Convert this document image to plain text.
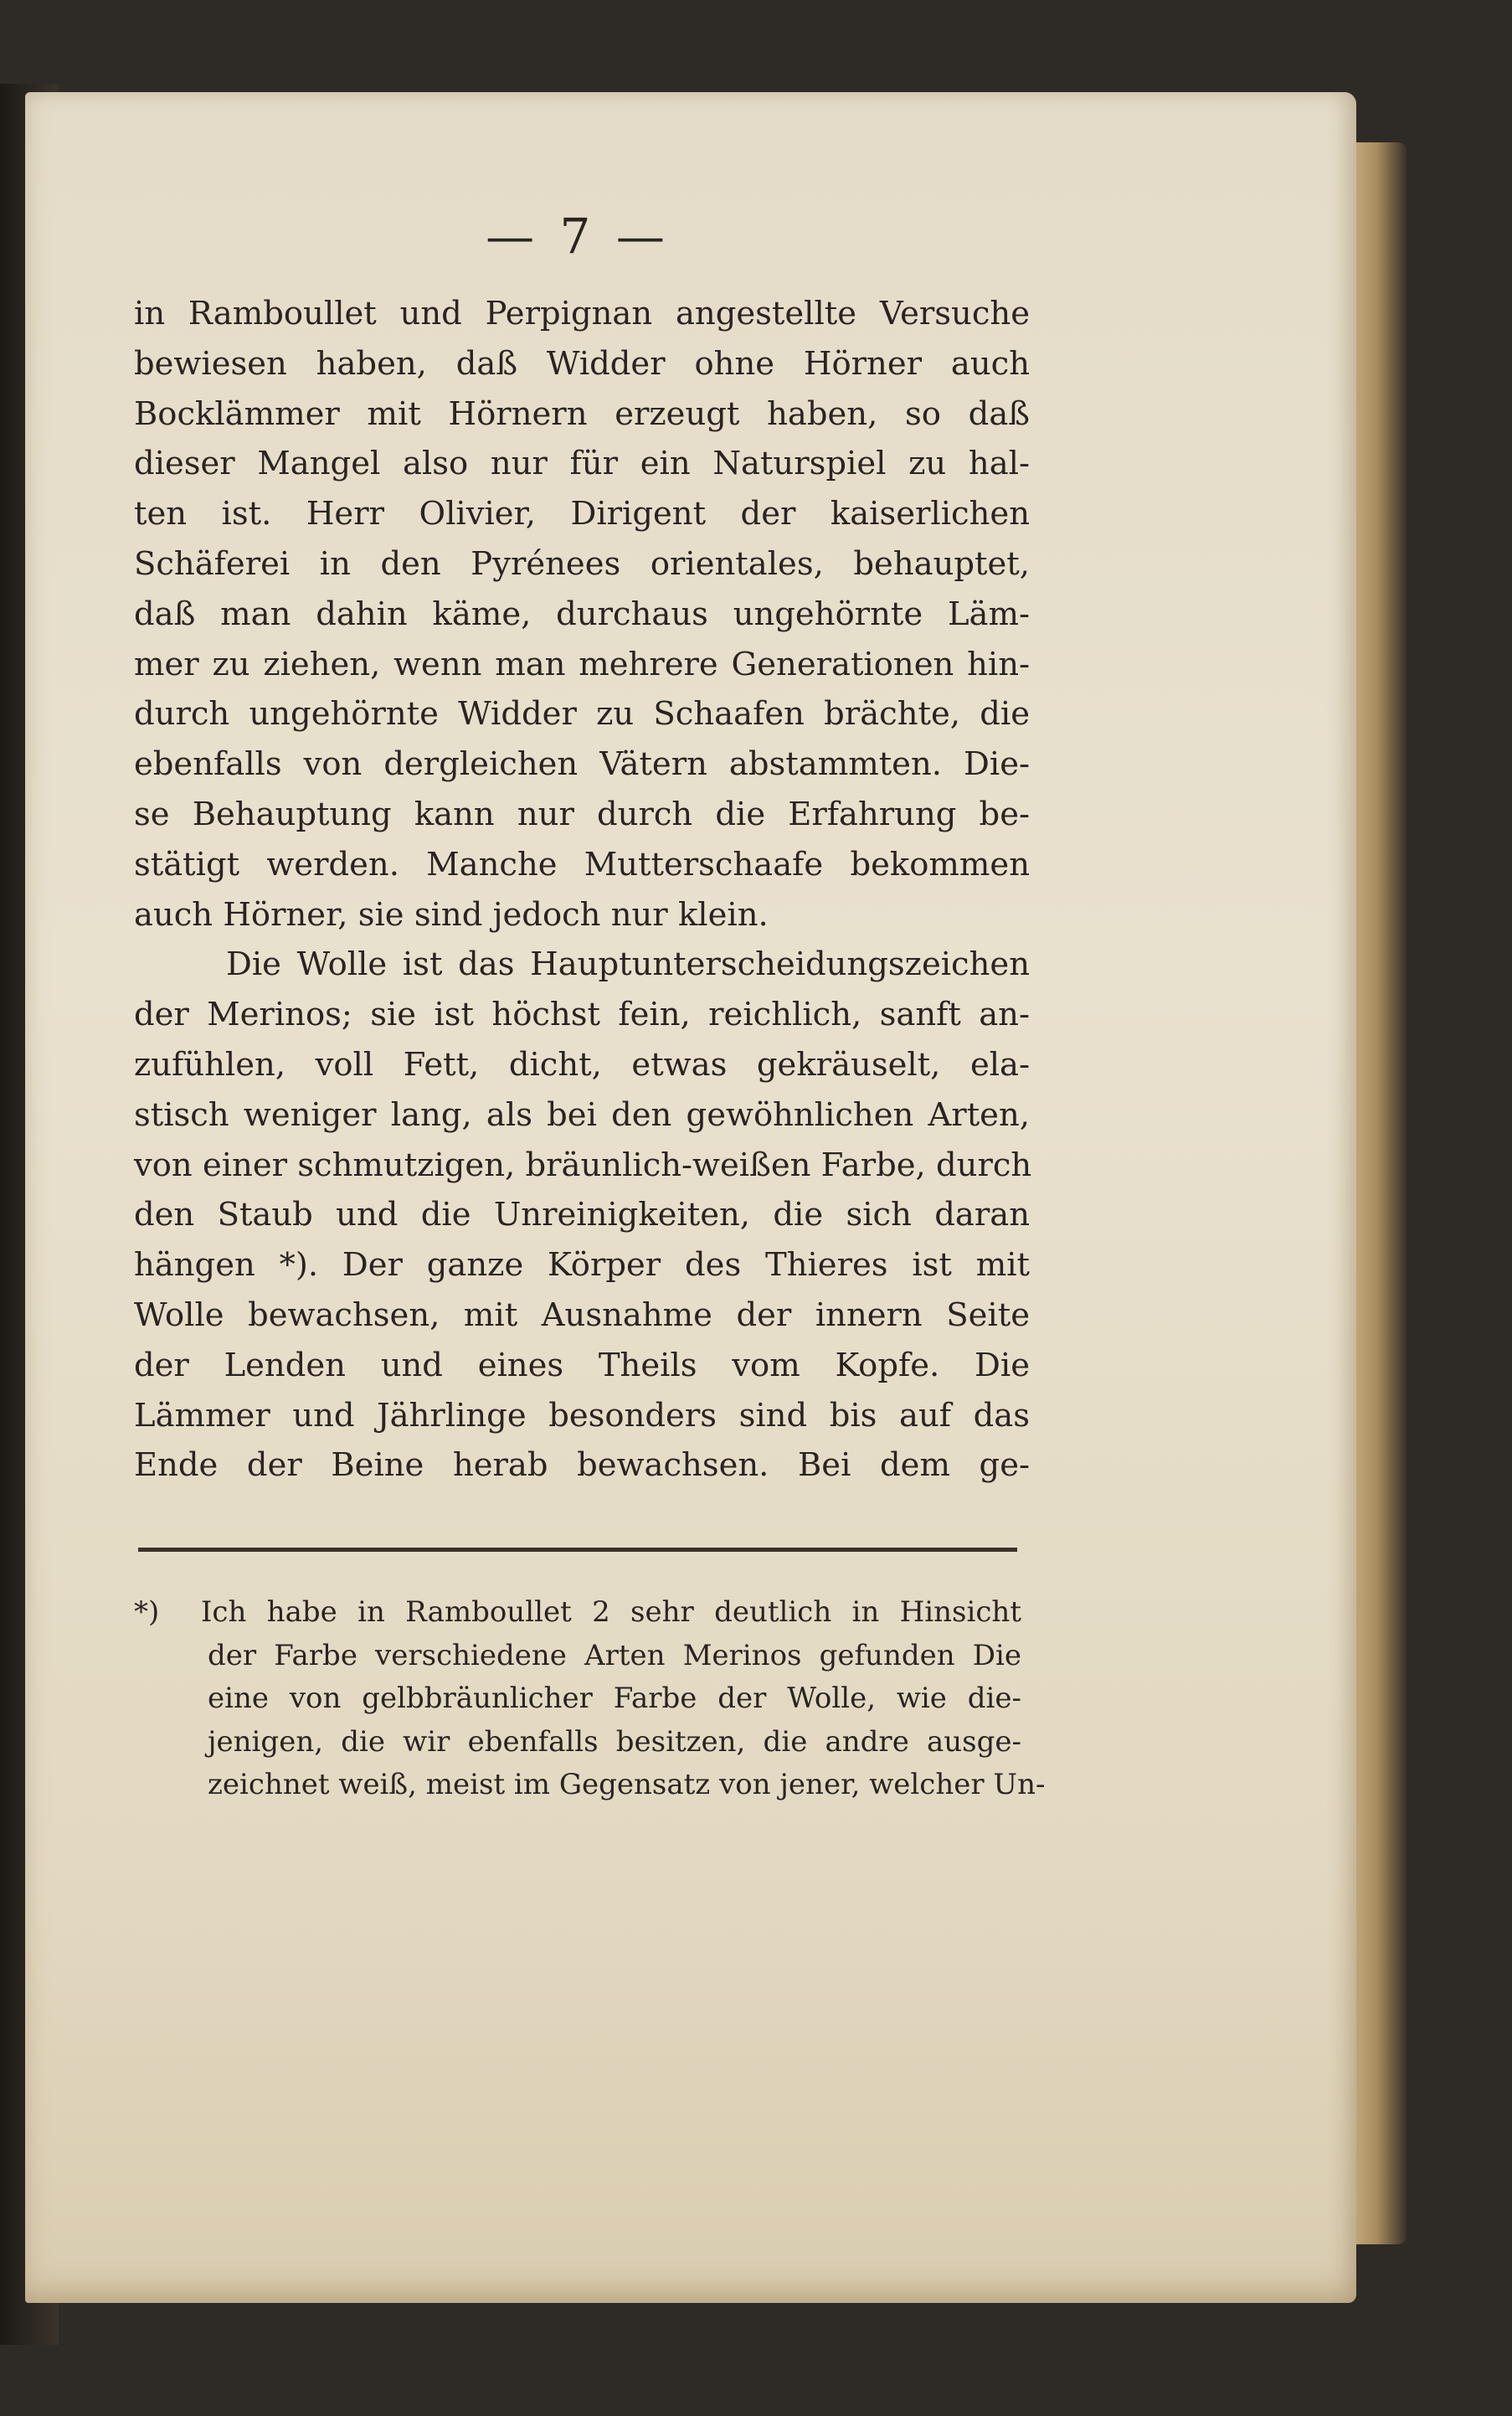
— 7 —
in Ramboullet und Perpignan angestellte Versuche
bewiesen haben, daß Widder ohne Hörner auch
Bocklämmer mit Hörnern erzeugt haben, so daß
dieser Mangel also nur für ein Naturspiel zu hal-
ten ist. Herr Olivier, Dirigent der kaiserlichen
Schäferei in den Pyrénees orientales, behauptet,
daß man dahin käme, durchaus ungehörnte Läm-
mer zu ziehen, wenn man mehrere Generationen hin-
durch ungehörnte Widder zu Schaafen brächte, die
ebenfalls von dergleichen Vätern abstammten. Die-
se Behauptung kann nur durch die Erfahrung be-
stätigt werden. Manche Mutterschaafe bekommen
auch Hörner, sie sind jedoch nur klein.
Die Wolle ist das Hauptunterscheidungszeichen
der Merinos; sie ist höchst fein, reichlich, sanft an-
zufühlen, voll Fett, dicht, etwas gekräuselt, ela-
stisch weniger lang, als bei den gewöhnlichen Arten,
von einer schmutzigen, bräunlich-weißen Farbe, durch
den Staub und die Unreinigkeiten, die sich daran
hängen *). Der ganze Körper des Thieres ist mit
Wolle bewachsen, mit Ausnahme der innern Seite
der Lenden und eines Theils vom Kopfe. Die
Lämmer und Jährlinge besonders sind bis auf das
Ende der Beine herab bewachsen. Bei dem ge-
*) Ich habe in Ramboullet 2 sehr deutlich in Hinsicht
der Farbe verschiedene Arten Merinos gefunden Die
eine von gelbbräunlicher Farbe der Wolle, wie die-
jenigen, die wir ebenfalls besitzen, die andre ausge-
zeichnet weiß, meist im Gegensatz von jener, welcher Un-
